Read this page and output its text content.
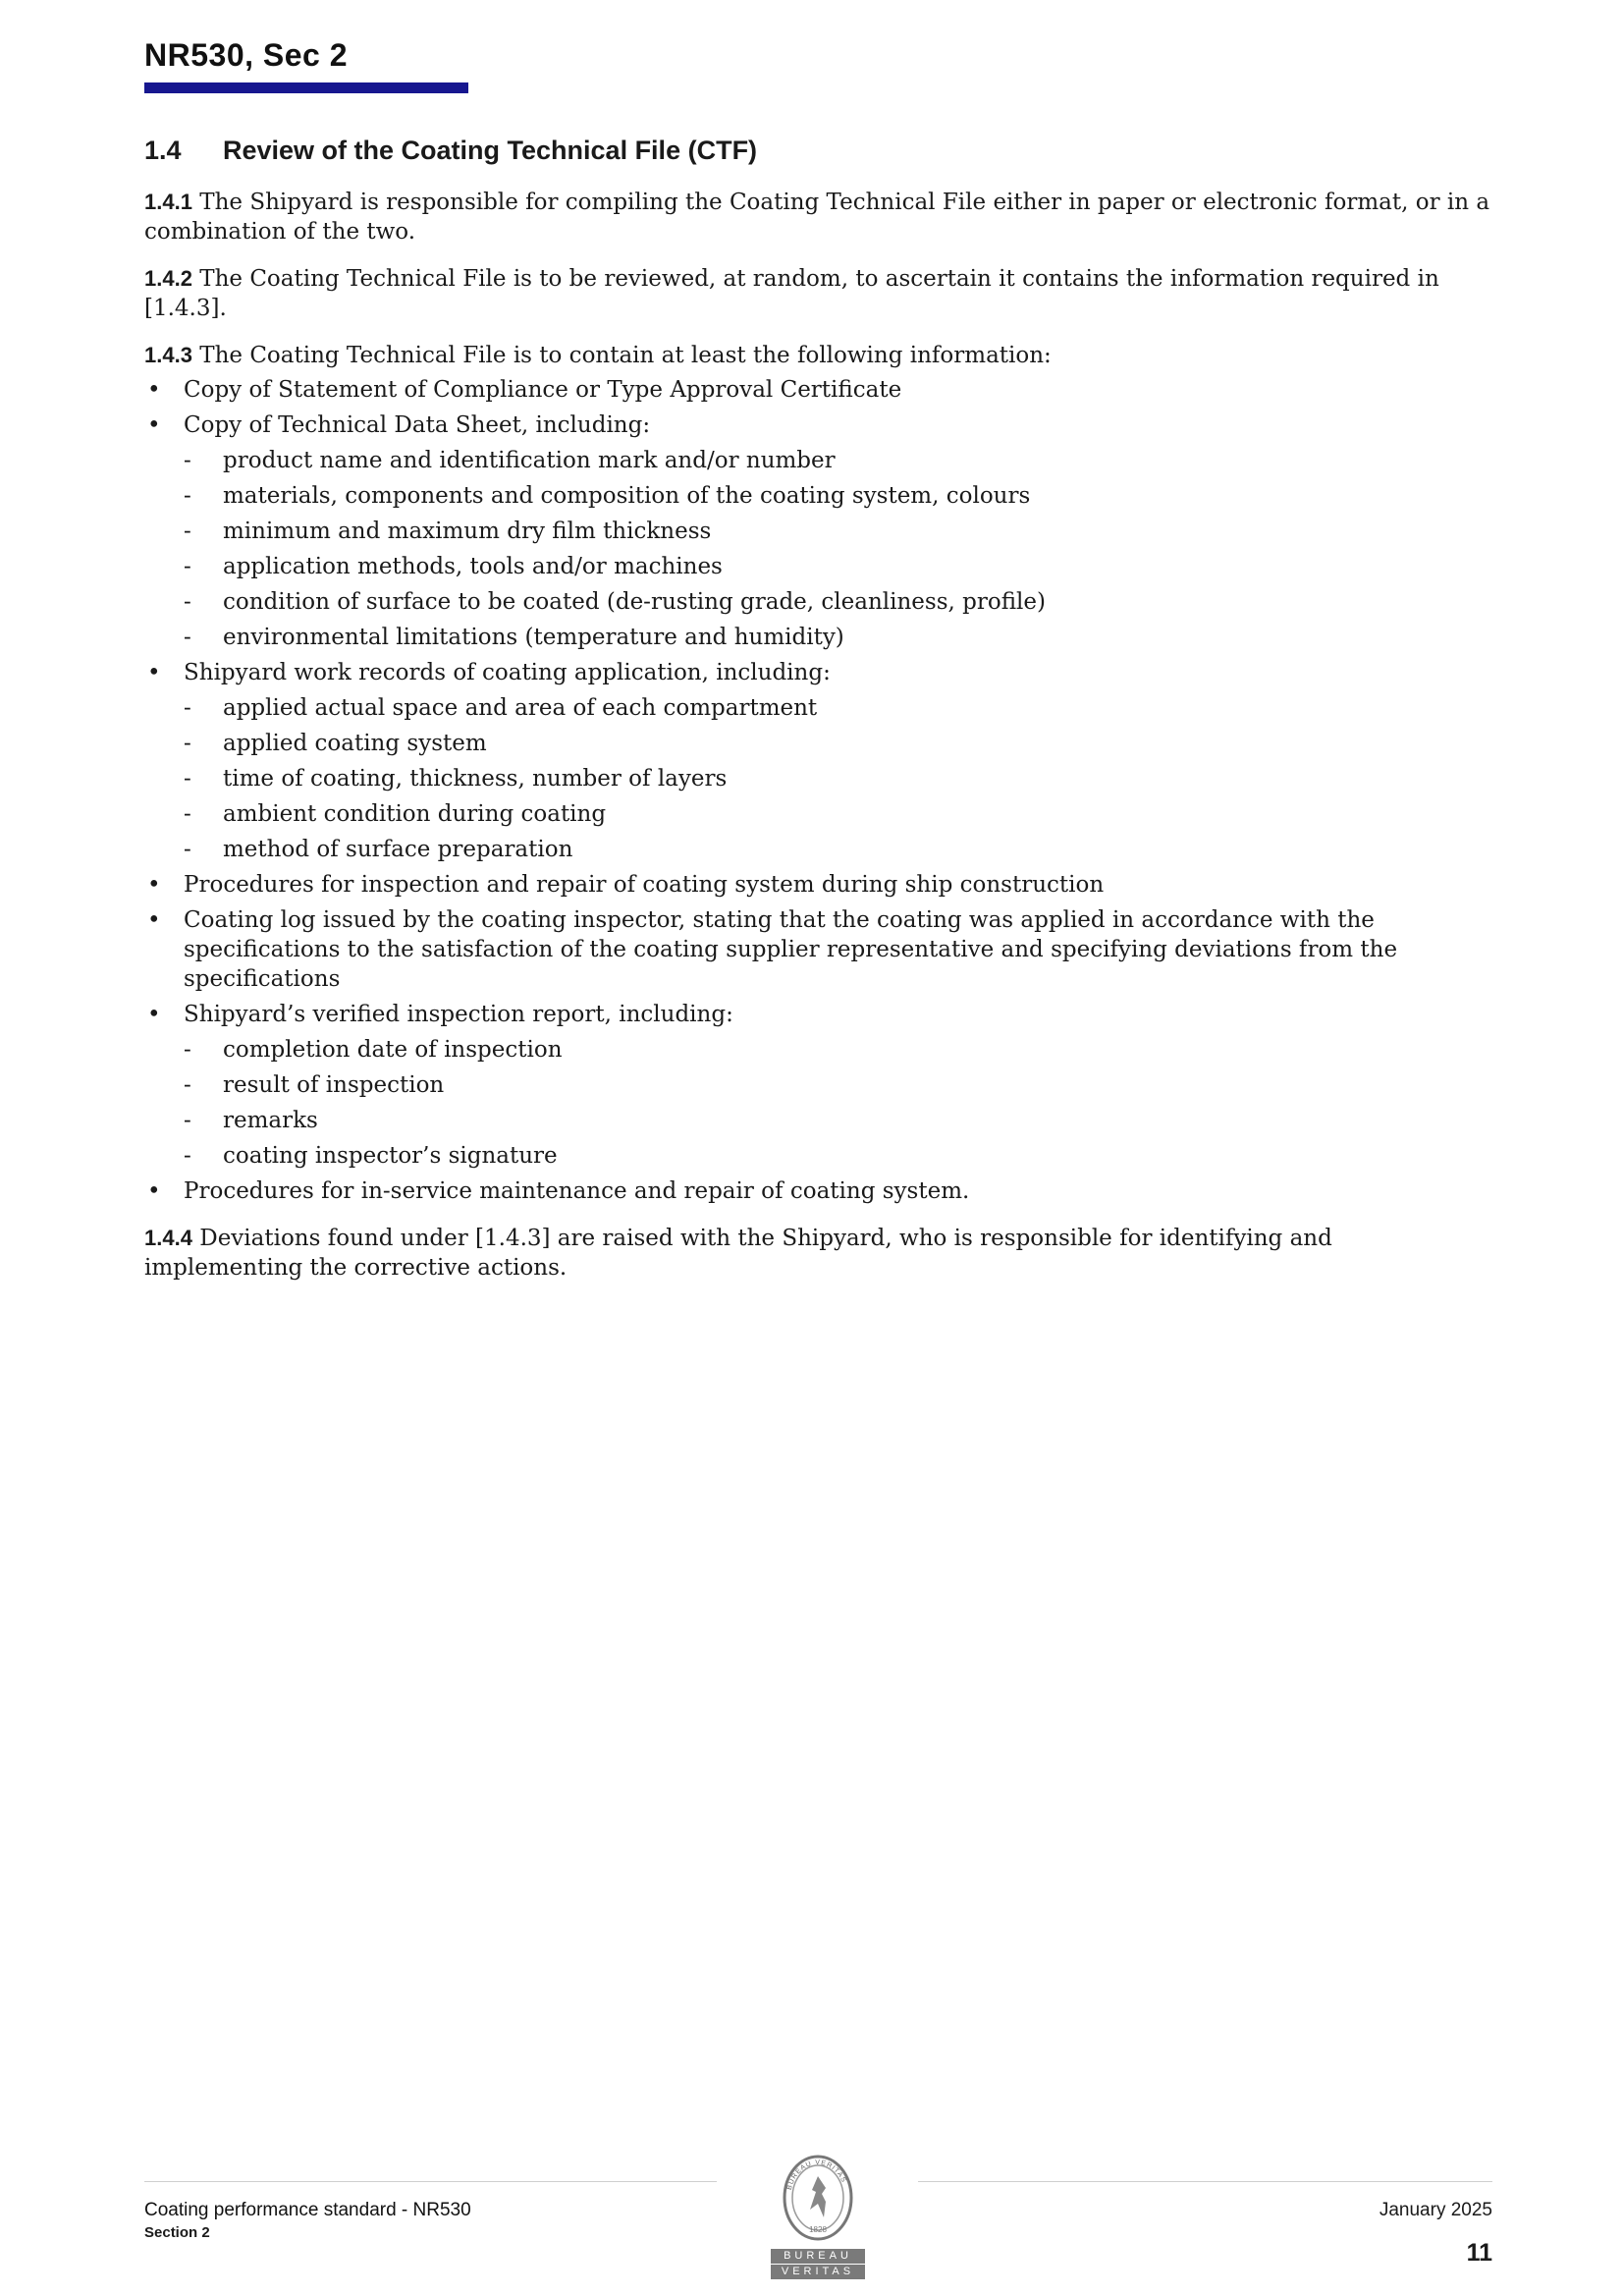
NR530, Sec 2
1.4 Review of the Coating Technical File (CTF)

1.4.1 The Shipyard is responsible for compiling the Coating Technical File either in paper or electronic format, or in a combination of the two.

1.4.2 The Coating Technical File is to be reviewed, at random, to ascertain it contains the information required in [1.4.3].

1.4.3 The Coating Technical File is to contain at least the following information:

• Copy of Statement of Compliance or Type Approval Certificate
• Copy of Technical Data Sheet, including:
- product name and identification mark and/or number
- materials, components and composition of the coating system, colours
- minimum and maximum dry film thickness
- application methods, tools and/or machines
- condition of surface to be coated (de-rusting grade, cleanliness, profile)
- environmental limitations (temperature and humidity)
• Shipyard work records of coating application, including:
- applied actual space and area of each compartment
- applied coating system
- time of coating, thickness, number of layers
- ambient condition during coating
- method of surface preparation
• Procedures for inspection and repair of coating system during ship construction
• Coating log issued by the coating inspector, stating that the coating was applied in accordance with the specifications to the satisfaction of the coating supplier representative and specifying deviations from the specifications
• Shipyard’s verified inspection report, including:
- completion date of inspection
- result of inspection
- remarks
- coating inspector’s signature
• Procedures for in-service maintenance and repair of coating system.

1.4.4 Deviations found under [1.4.3] are raised with the Shipyard, who is responsible for identifying and implementing the corrective actions.

Coating performance standard - NR530
Section 2
BUREAU VERITAS
1828
BUREAU
VERITAS
January 2025
11
